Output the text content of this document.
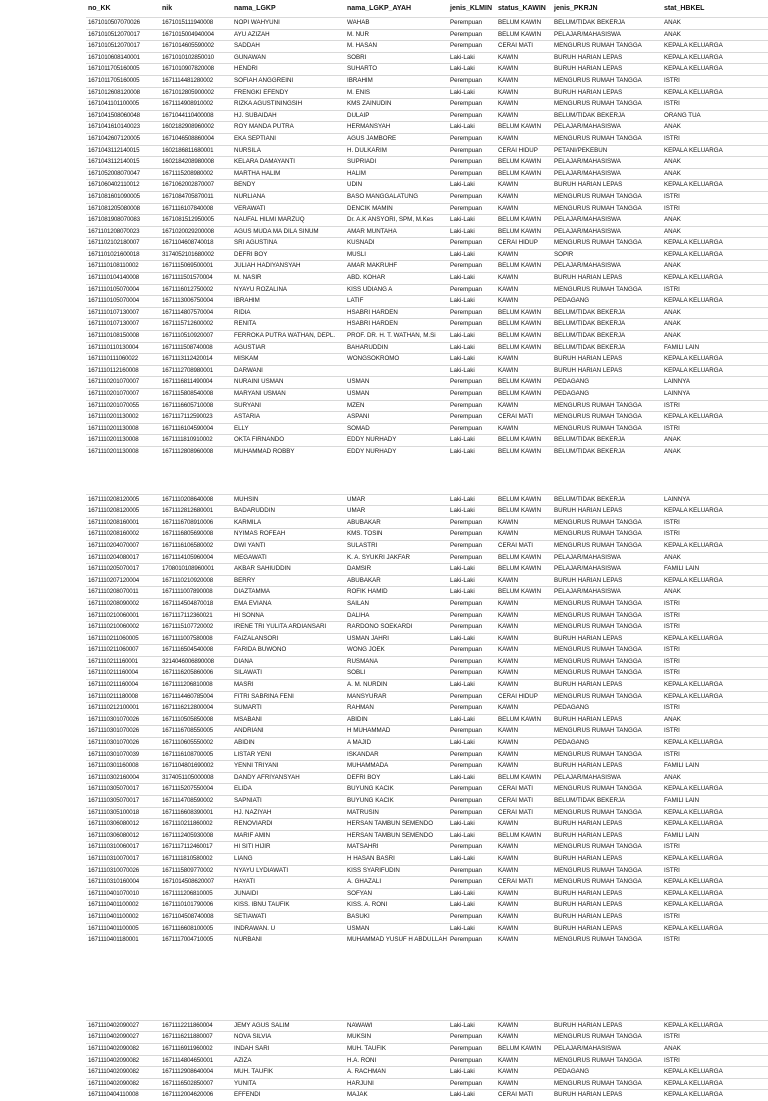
no_KK	nik	nama_LGKP	nama_LGKP_AYAH	jenis_KLMIN	status_KAWIN	jenis_PKRJN	stat_HBKEL
1671010507070026	1671015111940008	NOPI WAHYUNI	WAHAB	Perempuan	BELUM KAWIN	BELUM/TIDAK BEKERJA	ANAK
1671010512070017	1671015004940004	AYU AZIZAH	M. NUR	Perempuan	BELUM KAWIN	PELAJAR/MAHASISWA	ANAK
1671010512070017	1671014605590002	SADDAH	M. HASAN	Perempuan	CERAI MATI	MENGURUS RUMAH TANGGA	KEPALA KELUARGA
1671010608140001	1671010102850010	GUNAWAN	SOBRI	Laki-Laki	KAWIN	BURUH HARIAN LEPAS	KEPALA KELUARGA
1671011705160005	1671010907820008	HENDRI	SUHARTO	Laki-Laki	KAWIN	BURUH HARIAN LEPAS	KEPALA KELUARGA
1671011705160005	1671114481280002	SOFIAH ANGGREINI	IBRAHIM	Perempuan	KAWIN	MENGURUS RUMAH TANGGA	ISTRI
1671012608120008	1671012805900002	FRENGKI EFENDY	M. ENIS	Laki-Laki	KAWIN	BURUH HARIAN LEPAS	KEPALA KELUARGA
1671041101100005	1671114908910002	RIZKA AGUSTININGSIH	KMS ZAINUDIN	Perempuan	KAWIN	MENGURUS RUMAH TANGGA	ISTRI
1671041508060048	1671044110400008	HJ. SUBAIDAH	DULAIP	Perempuan	KAWIN	BELUM/TIDAK BEKERJA	ORANG TUA
1671041610140023	1602182908960002	ROY MANDA PUTRA	HERMANSYAH	Laki-Laki	BELUM KAWIN	PELAJAR/MAHASISWA	ANAK
1671042607120005	1671046508860004	EKA SEPTIANI	AGUS JAMBORE	Perempuan	KAWIN	MENGURUS RUMAH TANGGA	ISTRI
1671043112140015	1602186811680001	NURSILA	H. DULKARIM	Perempuan	CERAI HIDUP	PETANI/PEKEBUN	KEPALA KELUARGA
1671043112140015	1602184208980008	KELARA DAMAYANTI	SUPRIADI	Perempuan	BELUM KAWIN	PELAJAR/MAHASISWA	ANAK
1671052008070047	1671115208980002	MARTHA HALIM	HALIM	Perempuan	BELUM KAWIN	PELAJAR/MAHASISWA	ANAK
1671060402110012	1671062002870007	BENDY	UDIN	Laki-Laki	KAWIN	BURUH HARIAN LEPAS	KEPALA KELUARGA
1671081601090005	1671084705870011	NURLIANA	BASO MANGGALATUNG	Perempuan	KAWIN	MENGURUS RUMAH TANGGA	ISTRI
1671081205080008	1671116107840008	VERAWATI	DENCIK MAMIN	Perempuan	KAWIN	MENGURUS RUMAH TANGGA	ISTRI
1671081908070083	1671081512950005	NAUFAL HILMI MARZUQ	Dr. A.K ANSYORI, SPM, M.Kes	Laki-Laki	BELUM KAWIN	PELAJAR/MAHASISWA	ANAK
1671101208070023	1671020029200008	AGUS MUDA MA DILA SINUM	AMAR MUNTAHA	Laki-Laki	BELUM KAWIN	PELAJAR/MAHASISWA	ANAK
1671102102180007	1671104608740018	SRI AGUSTINA	KUSNADI	Perempuan	CERAI HIDUP	MENGURUS RUMAH TANGGA	KEPALA KELUARGA
1671101021600018	3174052101680002	DEFRI BOY	MUSLI	Laki-Laki	KAWIN	SOPIR	KEPALA KELUARGA
1671110108110002	1671115069500001	JULIAH HADIYANSYAH	AMAR MAKRUHF	Perempuan	BELUM KAWIN	PELAJAR/MAHASISWA	ANAK
1671110104140008	1671111501570004	M. NASIR	ABD. KOHAR	Laki-Laki	KAWIN	BURUH HARIAN LEPAS	KEPALA KELUARGA
1671110105070004	1671116012750002	NYAYU ROZALINA	KISS UDIANG A	Perempuan	KAWIN	MENGURUS RUMAH TANGGA	ISTRI
1671110105070004	1671113006750004	IBRAHIM	LATIF	Laki-Laki	KAWIN	PEDAGANG	KEPALA KELUARGA
1671110107130007	1671114807570004	RIDIA	HSABRI HARDEN	Perempuan	BELUM KAWIN	BELUM/TIDAK BEKERJA	ANAK
1671110107130007	1671115712600002	RENITA	HSABRI HARDEN	Perempuan	BELUM KAWIN	BELUM/TIDAK BEKERJA	ANAK
1671110108150008	1671110510920007	FERROKA PUTRA WATHAN, DEPL.	PROF. DR. H. T. WATHAN, M.Si	Laki-Laki	BELUM KAWIN	BELUM/TIDAK BEKERJA	ANAK
1671110110130004	1671111508740008	AGUSTIAR	BAHARUDDIN	Laki-Laki	BELUM KAWIN	BELUM/TIDAK BEKERJA	FAMILI LAIN
1671110111060022	1671113112420014	MISKAM	WONGSOKROMO	Laki-Laki	KAWIN	BURUH HARIAN LEPAS	KEPALA KELUARGA
1671110112160008	1671112708980001	DARWANI		Laki-Laki	KAWIN	BURUH HARIAN LEPAS	KEPALA KELUARGA
1671110201070007	1671116811490004	NURAINI USMAN	USMAN	Perempuan	BELUM KAWIN	PEDAGANG	LAINNYA
1671110201070007	1671115808540008	MARYANI USMAN	USMAN	Perempuan	BELUM KAWIN	PEDAGANG	LAINNYA
1671110201070055	1671116605710008	SURYANI	MZEN	Perempuan	KAWIN	MENGURUS RUMAH TANGGA	ISTRI
1671110201130002	1671117112590023	ASTARIA	ASPANI	Perempuan	CERAI MATI	MENGURUS RUMAH TANGGA	KEPALA KELUARGA
1671110201130008	1671116104590004	ELLY	SOMAD	Perempuan	KAWIN	MENGURUS RUMAH TANGGA	ISTRI
1671110201130008	1671111810910002	OKTA FIRNANDO	EDDY NURHADY	Laki-Laki	BELUM KAWIN	BELUM/TIDAK BEKERJA	ANAK
1671110201130008	1671112808960008	MUHAMMAD ROBBY	EDDY NURHADY	Laki-Laki	BELUM KAWIN	BELUM/TIDAK BEKERJA	ANAK

1671110208120005	1671110208640008	MUHSIN	UMAR	Laki-Laki	BELUM KAWIN	BELUM/TIDAK BEKERJA	LAINNYA
1671110208120005	1671112812680001	BADARUDDIN	UMAR	Laki-Laki	BELUM KAWIN	BURUH HARIAN LEPAS	KEPALA KELUARGA
1671110208160001	1671116708910006	KARMILA	ABUBAKAR	Perempuan	KAWIN	MENGURUS RUMAH TANGGA	ISTRI
1671110208160002	1671116805690008	NYIMAS ROFEAH	KMS. TOSIN	Perempuan	KAWIN	MENGURUS RUMAH TANGGA	ISTRI
1671110204070007	1671116106580002	DWI YANTI	SULASTRI	Perempuan	CERAI MATI	MENGURUS RUMAH TANGGA	KEPALA KELUARGA
1671110204080017	1671114105960004	MEGAWATI	K. A. SYUKRI JAKFAR	Perempuan	BELUM KAWIN	PELAJAR/MAHASISWA	ANAK
1671110205070017	1708010108960001	AKBAR SAHIUDDIN	DAMSIR	Laki-Laki	BELUM KAWIN	PELAJAR/MAHASISWA	FAMILI LAIN
1671110207120004	1671110210920008	BERRY	ABUBAKAR	Laki-Laki	KAWIN	BURUH HARIAN LEPAS	KEPALA KELUARGA
1671110208070011	1671111007890008	DIAZTAMMA	ROFIK HAMID	Laki-Laki	BELUM KAWIN	PELAJAR/MAHASISWA	ANAK
1671110208090002	1671114504870018	EMA EVIANA	SAILAN	Perempuan	KAWIN	MENGURUS RUMAH TANGGA	ISTRI
1671110210060001	1671117112360021	HI SONNA	DALIHA	Perempuan	KAWIN	MENGURUS RUMAH TANGGA	ISTRI
1671110210060002	1671115107720002	IRENE TRI YULITA ARDIANSARI	RARDONO SOEKARDI	Perempuan	KAWIN	MENGURUS RUMAH TANGGA	ISTRI
1671110211060005	1671111007580008	FAIZALANSORI	USMAN JAHRI	Laki-Laki	KAWIN	BURUH HARIAN LEPAS	KEPALA KELUARGA
1671110211060007	1671116504540008	FARIDA BUWONO	WONG JOEK	Perempuan	KAWIN	MENGURUS RUMAH TANGGA	ISTRI
1671110211160001	3214046006890008	DIANA	RUSMANA	Perempuan	KAWIN	MENGURUS RUMAH TANGGA	ISTRI
1671110211160004	1671116205860006	SILAWATI	SOBLI	Perempuan	KAWIN	MENGURUS RUMAH TANGGA	ISTRI
1671110211160004	1671111206810008	MASRI	A. M. NURDIN	Laki-Laki	KAWIN	BURUH HARIAN LEPAS	KEPALA KELUARGA
1671110211180008	1671114460785004	FITRI SABRINA FENI	MANSYURAR	Perempuan	CERAI HIDUP	MENGURUS RUMAH TANGGA	KEPALA KELUARGA
1671110212100001	1671116212800004	SUMARTI	RAHMAN	Perempuan	KAWIN	PEDAGANG	ISTRI
1671110301070026	1671110505850008	MSABANI	ABIDIN	Laki-Laki	BELUM KAWIN	BURUH HARIAN LEPAS	ANAK
1671110301070026	1671116708550005	ANDRIANI	H MUHAMMAD	Perempuan	KAWIN	MENGURUS RUMAH TANGGA	ISTRI
1671110301070026	1671110605550002	ABIDIN	A MAJID	Laki-Laki	KAWIN	PEDAGANG	KEPALA KELUARGA
1671110301070039	1671116108700005	LISTAR YENI	ISKANDAR	Perempuan	KAWIN	MENGURUS RUMAH TANGGA	ISTRI
1671110301160008	1671104801690002	YENNI TRIYANI	MUHAMMADA	Perempuan	KAWIN	BURUH HARIAN LEPAS	FAMILI LAIN
1671110302160004	3174051105000008	DANDY AFRIYANSYAH	DEFRI BOY	Laki-Laki	BELUM KAWIN	PELAJAR/MAHASISWA	ANAK
1671110305070017	1671115207550004	ELIDA	BUYUNG KACIK	Perempuan	CERAI MATI	MENGURUS RUMAH TANGGA	KEPALA KELUARGA
1671110305070017	1671114708590002	SAPNIATI	BUYUNG KACIK	Perempuan	CERAI MATI	BELUM/TIDAK BEKERJA	FAMILI LAIN
1671110305100018	1671116608390001	HJ. NAZIYAH	MATRUSIN	Perempuan	CERAI MATI	MENGURUS RUMAH TANGGA	KEPALA KELUARGA
1671110306080012	1671110211860002	RENOVIARDI	HERSAN TAMBUN SEMENDO	Laki-Laki	KAWIN	BURUH HARIAN LEPAS	KEPALA KELUARGA
1671110306080012	1671112405930008	MARIF AMIN	HERSAN TAMBUN SEMENDO	Laki-Laki	BELUM KAWIN	BURUH HARIAN LEPAS	FAMILI LAIN
1671110310060017	1671117112460017	HI SITI HIJIR	MATSAHRI	Perempuan	KAWIN	MENGURUS RUMAH TANGGA	ISTRI
1671110310070017	1671111810580002	LIANG	H HASAN BASRI	Laki-Laki	KAWIN	BURUH HARIAN LEPAS	KEPALA KELUARGA
1671110310070026	1671115809770002	NYAYU LYDIAWATI	KISS SYARIFUDIN	Perempuan	KAWIN	MENGURUS RUMAH TANGGA	ISTRI
1671110310160004	1671014508620007	HAYATI	A. GHAZALI	Perempuan	CERAI MATI	MENGURUS RUMAH TANGGA	KEPALA KELUARGA
1671110401070010	1671111206810005	JUNAIDI	SOFYAN	Laki-Laki	KAWIN	BURUH HARIAN LEPAS	KEPALA KELUARGA
1671110401100002	1671110101790006	KISS. IBNU TAUFIK	KISS. A. RONI	Laki-Laki	KAWIN	BURUH HARIAN LEPAS	KEPALA KELUARGA
1671110401100002	1671104508740008	SETIAWATI	BASUKI	Perempuan	KAWIN	BURUH HARIAN LEPAS	ISTRI
1671110401100005	1671116608100005	INDRAWAN. U	USMAN	Laki-Laki	KAWIN	BURUH HARIAN LEPAS	KEPALA KELUARGA
1671110401180001	1671117004710005	NURBANI	MUHAMMAD YUSUF H ABDULLAH	Perempuan	KAWIN	MENGURUS RUMAH TANGGA	ISTRI

1671110402090027	1671112211860004	JEMY AGUS SALIM	NAWAWI	Laki-Laki	KAWIN	BURUH HARIAN LEPAS	KEPALA KELUARGA
1671110402090027	1671116211880007	NOVA SILVIA	MUKSIN	Perempuan	KAWIN	MENGURUS RUMAH TANGGA	ISTRI
1671110402090082	1671116911960002	INDAH SARI	MUH. TAUFIK	Perempuan	BELUM KAWIN	PELAJAR/MAHASISWA	ANAK
1671110402090082	1671114804650001	AZIZA	H.A. RONI	Perempuan	KAWIN	MENGURUS RUMAH TANGGA	ISTRI
1671110402090082	1671112908640004	MUH. TAUFIK	A. RACHMAN	Laki-Laki	KAWIN	PEDAGANG	KEPALA KELUARGA
1671110402090082	1671116502850007	YUNITA	HARJUNI	Perempuan	KAWIN	MENGURUS RUMAH TANGGA	KEPALA KELUARGA
1671110404110008	1671112004620006	EFFENDI	MAJAK	Laki-Laki	CERAI MATI	BURUH HARIAN LEPAS	KEPALA KELUARGA
